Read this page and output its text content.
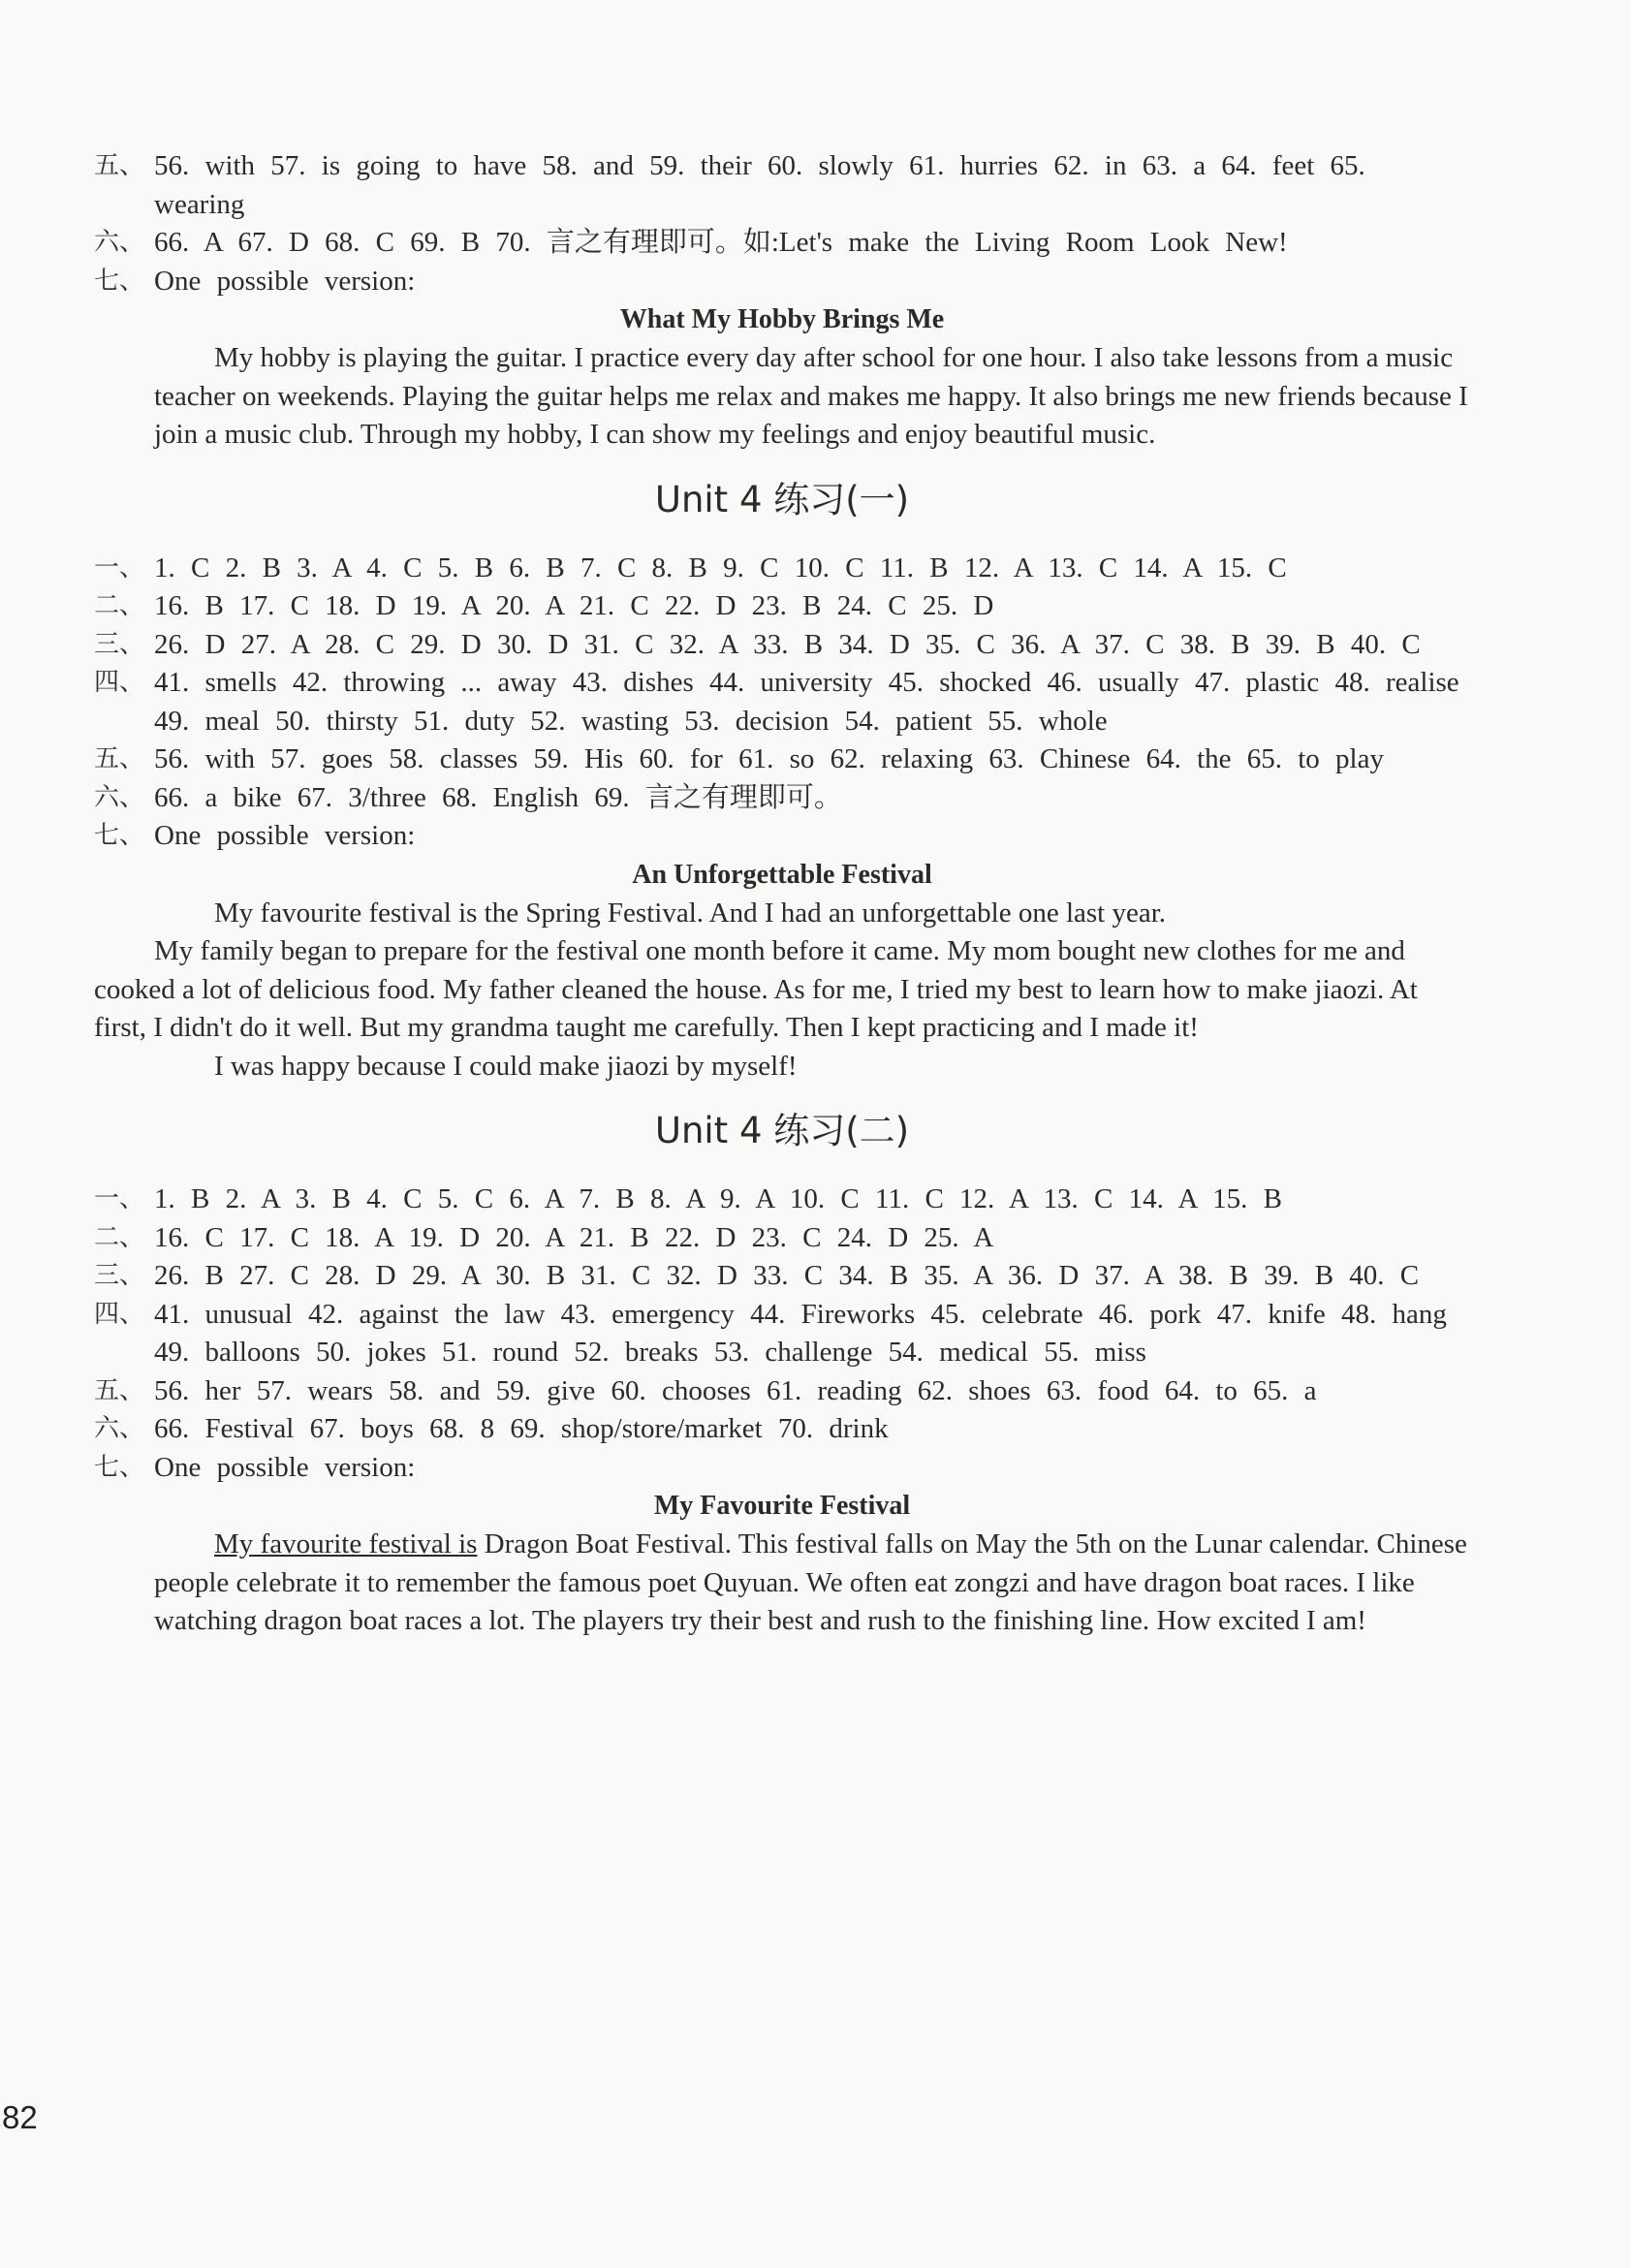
五、 56. with 57. is going to have 58. and 59. their 60. slowly 61. hurries 62. in 63. a 64. feet 65. wearing

六、 66. A 67. D 68. C 69. B 70. 言之有理即可。如:Let's make the Living Room Look New!

七、 One possible version:

What My Hobby Brings Me

My hobby is playing the guitar. I practice every day after school for one hour. I also take lessons from a music teacher on weekends. Playing the guitar helps me relax and makes me happy. It also brings me new friends because I join a music club. Through my hobby, I can show my feelings and enjoy beautiful music.

Unit 4 练习(一)

一、 1. C 2. B 3. A 4. C 5. B 6. B 7. C 8. B 9. C 10. C 11. B 12. A 13. C 14. A 15. C

二、 16. B 17. C 18. D 19. A 20. A 21. C 22. D 23. B 24. C 25. D

三、 26. D 27. A 28. C 29. D 30. D 31. C 32. A 33. B 34. D 35. C 36. A 37. C 38. B 39. B 40. C

四、 41. smells 42. throwing ... away 43. dishes 44. university 45. shocked 46. usually 47. plastic 48. realise 49. meal 50. thirsty 51. duty 52. wasting 53. decision 54. patient 55. whole

五、 56. with 57. goes 58. classes 59. His 60. for 61. so 62. relaxing 63. Chinese 64. the 65. to play

六、 66. a bike 67. 3/three 68. English 69. 言之有理即可。

七、 One possible version:

An Unforgettable Festival

My favourite festival is the Spring Festival. And I had an unforgettable one last year.

My family began to prepare for the festival one month before it came. My mom bought new clothes for me and cooked a lot of delicious food. My father cleaned the house. As for me, I tried my best to learn how to make jiaozi. At first, I didn't do it well. But my grandma taught me carefully. Then I kept practicing and I made it!

I was happy because I could make jiaozi by myself!

Unit 4 练习(二)

一、 1. B 2. A 3. B 4. C 5. C 6. A 7. B 8. A 9. A 10. C 11. C 12. A 13. C 14. A 15. B

二、 16. C 17. C 18. A 19. D 20. A 21. B 22. D 23. C 24. D 25. A

三、 26. B 27. C 28. D 29. A 30. B 31. C 32. D 33. C 34. B 35. A 36. D 37. A 38. B 39. B 40. C

四、 41. unusual 42. against the law 43. emergency 44. Fireworks 45. celebrate 46. pork 47. knife 48. hang 49. balloons 50. jokes 51. round 52. breaks 53. challenge 54. medical 55. miss

五、 56. her 57. wears 58. and 59. give 60. chooses 61. reading 62. shoes 63. food 64. to 65. a

六、 66. Festival 67. boys 68. 8 69. shop/store/market 70. drink

七、 One possible version:

My Favourite Festival

My favourite festival is Dragon Boat Festival. This festival falls on May the 5th on the Lunar calendar. Chinese people celebrate it to remember the famous poet Quyuan. We often eat zongzi and have dragon boat races. I like watching dragon boat races a lot. The players try their best and rush to the finishing line. How excited I am!

82
